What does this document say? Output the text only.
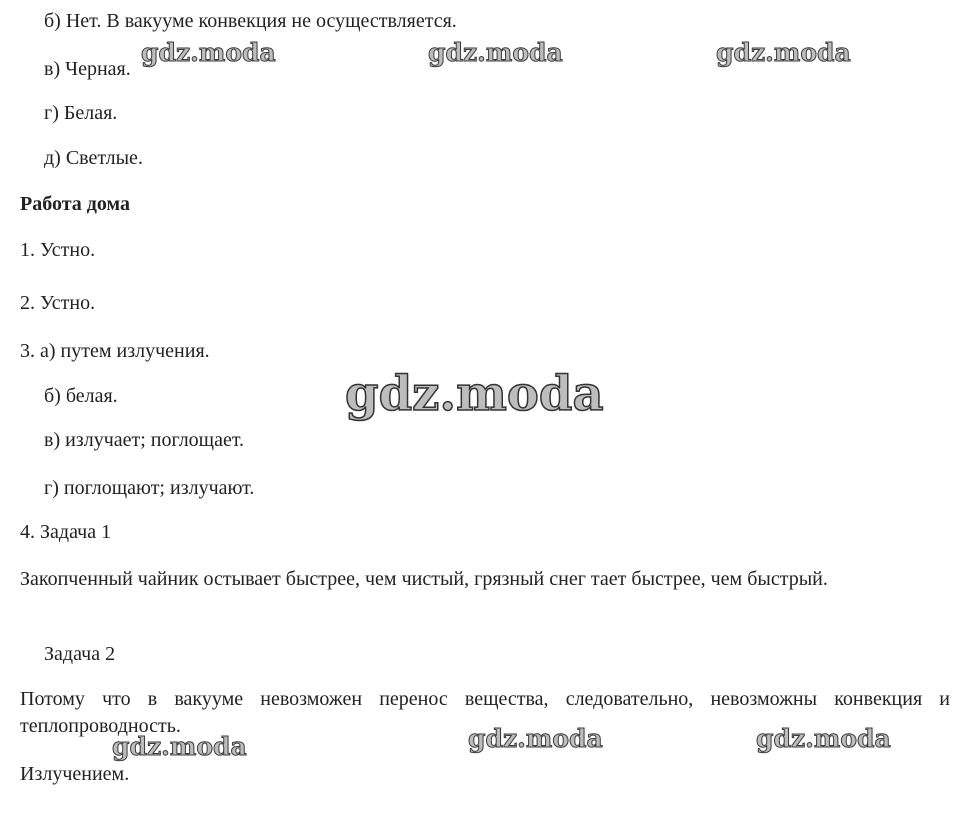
б) Нет. В вакууме конвекция не осуществляется.
в) Черная.
г) Белая.
д) Светлые.
Работа дома
1. Устно.
2. Устно.
3. а) путем излучения.
б) белая.
в) излучает; поглощает.
г) поглощают; излучают.
4. Задача 1
Закопченный чайник остывает быстрее, чем чистый, грязный снег тает быстрее, чем быстрый.
Задача 2
Потому что в вакууме невозможен перенос вещества, следовательно, невозможны конвекция и теплопроводность.
Излучением.
gdz.moda	gdz.moda	gdz.moda
gdz.moda
gdz.moda	gdz.moda	gdz.moda
